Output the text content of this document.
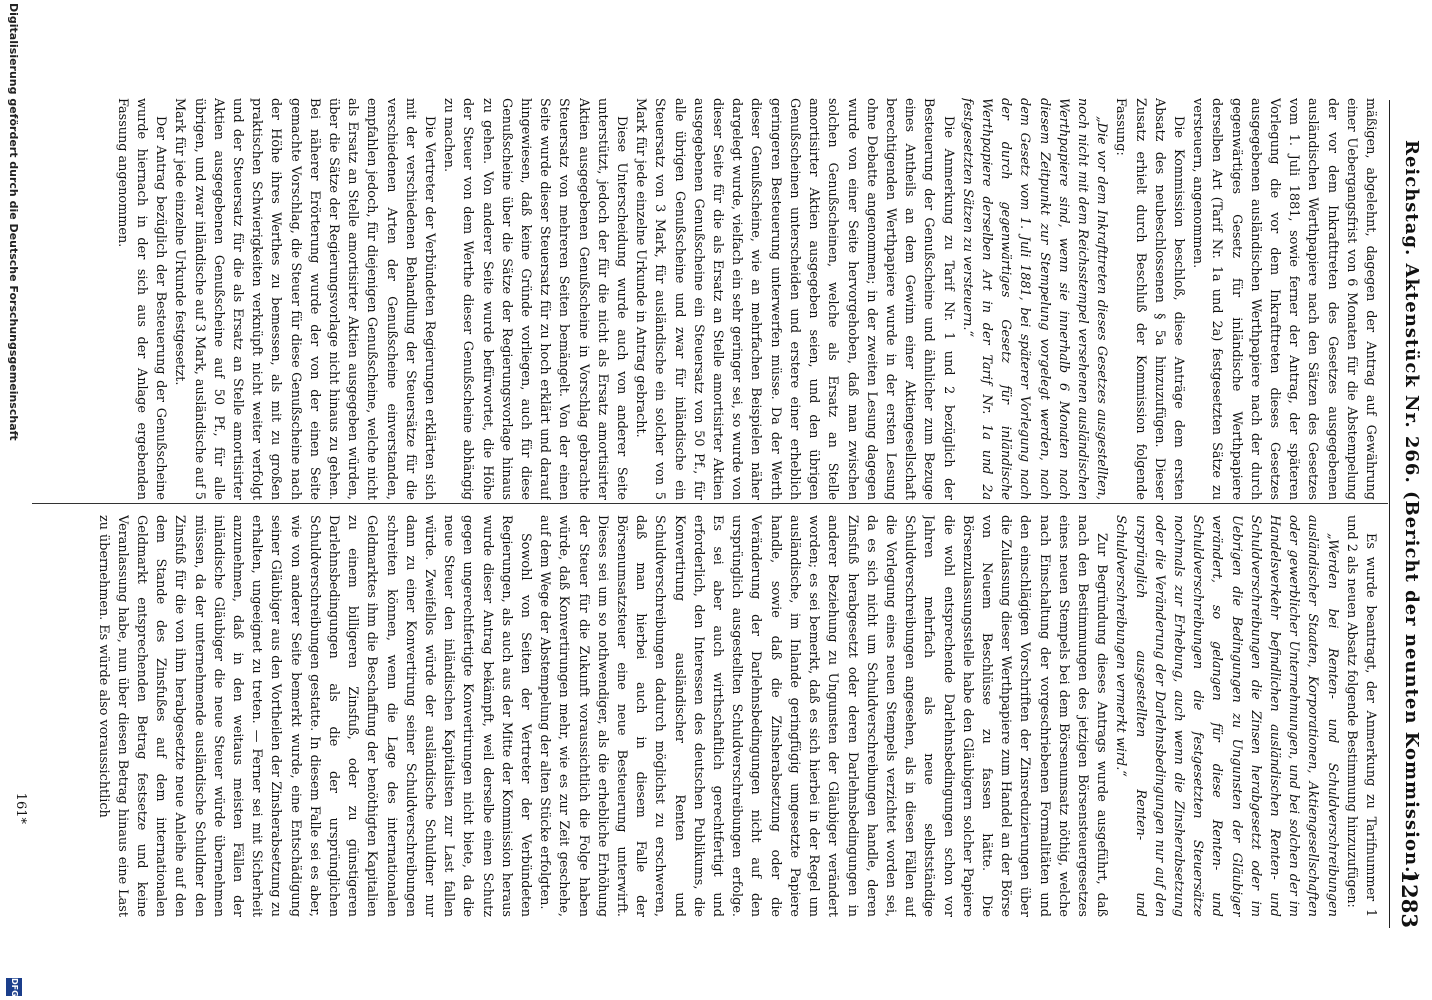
Reichstag. Aktenstück Nr. 266. (Bericht der neunten Kommission.)
1283

mäßigen, abgelehnt, dagegen der Antrag auf Gewährung einer Uebergangsfrist von 6 Monaten für die Abstempelung der vor dem Inkrafttreten des Gesetzes ausgegebenen ausländischen Werthpapiere nach den Sätzen des Gesetzes vom 1. Juli 1881, sowie ferner der Antrag, der späteren Vorlegung die vor dem Inkrafttreten dieses Gesetzes ausgegebenen ausländischen Werthpapiere nach der durch gegenwärtiges Gesetz für inländische Werthpapiere derselben Art (Tarif Nr. 1a und 2a) festgesetzten Sätze zu versteuern, angenommen.

Die Kommission beschloß, diese Anträge dem ersten Absatz des neubeschlossenen § 5a hinzuzufügen. Dieser Zusatz erhielt durch Beschluß der Kommission folgende Fassung:

„Die vor dem Inkrafttreten dieses Gesetzes ausgestellten, noch nicht mit dem Reichsstempel versehenen ausländischen Werthpapiere sind, wenn sie innerhalb 6 Monaten nach diesem Zeitpunkt zur Stempelung vorgelegt werden, nach dem Gesetz vom 1. Juli 1881, bei späterer Vorlegung nach der durch gegenwärtiges Gesetz für inländische Werthpapiere derselben Art in der Tarif Nr. 1a und 2a festgesetzten Sätzen zu versteuern.“

Die Anmerkung zu Tarif Nr. 1 und 2 bezüglich der Besteuerung der Genußscheine und ähnlicher zum Bezuge eines Antheils an dem Gewinn einer Aktiengesellschaft berechtigenden Werthpapiere wurde in der ersten Lesung ohne Debatte angenommen; in der zweiten Lesung dagegen wurde von einer Seite hervorgehoben, daß man zwischen solchen Genußscheinen, welche als Ersatz an Stelle amortisirter Aktien ausgegeben seien, und den übrigen Genußscheinen unterscheiden und erstere einer erheblich geringeren Besteuerung unterwerfen müsse. Da der Werth dieser Genußscheine, wie an mehrfachen Beispielen näher dargelegt wurde, vielfach ein sehr geringer sei, so wurde von dieser Seite für die als Ersatz an Stelle amortisirter Aktien ausgegebenen Genußscheine ein Steuersatz von 50 Pf., für alle übrigen Genußscheine und zwar für inländische ein Steuersatz von 3 Mark, für ausländische ein solcher von 5 Mark für jede einzelne Urkunde in Antrag gebracht.

Diese Unterscheidung wurde auch von anderer Seite unterstützt, jedoch der für die nicht als Ersatz amortisirter Aktien ausgegebenen Genußscheine in Vorschlag gebrachte Steuersatz von mehreren Seiten bemängelt. Von der einen Seite wurde dieser Steuersatz für zu hoch erklärt und darauf hingewiesen, daß keine Gründe vorliegen, auch für diese Genußscheine über die Sätze der Regierungsvorlage hinaus zu gehen. Von anderer Seite wurde befürwortet, die Höhe der Steuer von dem Werthe dieser Genußscheine abhängig zu machen.

Die Vertreter der Verbündeten Regierungen erklärten sich mit der verschiedenen Behandlung der Steuersätze für die verschiedenen Arten der Genußscheine einverstanden, empfahlen jedoch, für diejenigen Genußscheine, welche nicht als Ersatz an Stelle amortisirter Aktien ausgegeben würden, über die Sätze der Regierungsvorlage nicht hinaus zu gehen. Bei näherer Erörterung wurde der von der einen Seite gemachte Vorschlag, die Steuer für diese Genußscheine nach der Höhe ihres Werthes zu bemessen, als mit zu großen praktischen Schwierigkeiten verknüpft nicht weiter verfolgt und der Steuersatz für die als Ersatz an Stelle amortisirter Aktien ausgegebenen Genußscheine auf 50 Pf., für alle übrigen, und zwar inländische auf 3 Mark, ausländische auf 5 Mark für jede einzelne Urkunde festgesetzt.

Der Antrag bezüglich der Besteuerung der Genußscheine wurde hiernach in der sich aus der Anlage ergebenden Fassung angenommen.

Es wurde beantragt, der Anmerkung zu Tarifnummer 1 und 2 als neuen Absatz folgende Bestimmung hinzuzufügen:

„Werden bei Renten- und Schuldverschreibungen ausländischer Staaten, Korporationen, Aktiengesellschaften oder gewerblicher Unternehmungen, und bei solchen der im Handelsverkehr befindlichen ausländischen Renten- und Schuldverschreibungen die Zinsen herabgesetzt oder im Uebrigen die Bedingungen zu Ungunsten der Gläubiger verändert, so gelangen für diese Renten- und Schuldverschreibungen die festgesetzten Steuersätze nochmals zur Erhebung, auch wenn die Zinsherabsetzung oder die Veränderung der Darlehnsbedingungen nur auf den ursprünglich ausgestellten Renten- und Schuldverschreibungen vermerkt wird.“

Zur Begründung dieses Antrags wurde ausgeführt, daß nach den Bestimmungen des jetzigen Börsensteuergesetzes eines neuen Stempels bei dem Börsenumsatz nöthig, welche nach Einschaltung der vorgeschriebenen Formalitäten und den einschlägigen Vorschriften der Zinsreduzierungen über die Zulassung dieser Werthpapiere zum Handel an der Börse von Neuem Beschlüsse zu fassen hätte. Die Börsenzulassungsstelle habe den Gläubigern solcher Papiere die wohl entsprechende Darlehnsbedingungen schon vor Jahren mehrfach als neue selbstständige Schuldverschreibungen angesehen, als in diesen Fällen auf die Vorlegung eines neuen Stempels verzichtet worden sei, da es sich nicht um Schuldverschreibungen handle, deren Zinsfuß herabgesetzt oder deren Darlehnsbedingungen in anderer Beziehung zu Ungunsten der Gläubiger verändert worden; es sei bemerkt, daß es sich hierbei in der Regel um ausländische, im Inlande geringfügig umgesetzte Papiere handle, sowie daß die Zinsherabsetzung oder die Veränderung der Darlehnsbedingungen nicht auf den ursprünglich ausgestellten Schuldverschreibungen erfolge. Es sei aber auch wirthschaftlich gerechtfertigt und erforderlich, den Interessen des deutschen Publikums, die Konvertirung ausländischer Renten und Schuldverschreibungen dadurch möglichst zu erschweren, daß man hierbei auch in diesem Falle der Börsenumsatzsteuer eine neue Besteuerung unterwirft. Dieses sei um so nothwendiger, als die erhebliche Erhöhung der Steuer für die Zukunft voraussichtlich die Folge haben würde, daß Konvertirungen mehr, wie es zur Zeit geschehe, auf dem Wege der Abstempelung der alten Stücke erfolgten.

Sowohl von Seiten der Vertreter der Verbündeten Regierungen, als auch aus der Mitte der Kommission heraus wurde dieser Antrag bekämpft, weil derselbe einen Schutz gegen ungerechtfertigte Konvertirungen nicht biete, da die neue Steuer den inländischen Kapitalisten zur Last fallen würde. Zweifellos würde der ausländische Schuldner nur dann zu einer Konvertirung seiner Schuldverschreibungen schreiten können, wenn die Lage des internationalen Geldmarktes ihm die Beschaffung der benöthigten Kapitalien zu einem billigeren Zinsfuß, oder zu günstigeren Darlehnsbedingungen als die der ursprünglichen Schuldverschreibungen gestatte. In diesem Falle sei es aber, wie von anderer Seite bemerkt wurde, eine Entschädigung seiner Gläubiger aus den Vortheilen der Zinsherabsetzung zu erhalten, ungeeignet zu treten. — Ferner sei mit Sicherheit anzunehmen, daß in den weitaus meisten Fällen der inländische Gläubiger die neue Steuer würde übernehmen müssen, da der unternehmende ausländische Schuldner den Zinsfuß für die von ihm herabgesetzte neue Anleihe auf den dem Stande des Zinsfußes auf dem internationalen Geldmarkt entsprechenden Betrag festsetze und keine Veranlassung habe, nun über diesen Betrag hinaus eine Last zu übernehmen. Es würde also voraussichtlich

161*
Digitalisierung gefördert durch die Deutsche Forschungsgemeinschaft
DFG
